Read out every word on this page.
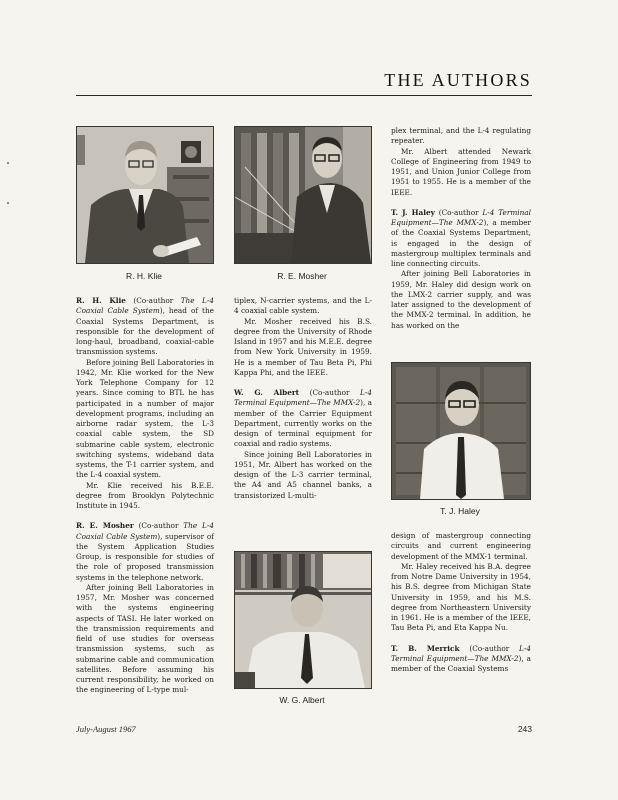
THE AUTHORS
R. H. Klie	R. E. Mosher

R. H. Klie (Co-author The L-4 Coaxial Cable System), head of the Coaxial Systems Department, is responsible for the development of long-haul, broadband, coaxial-cable transmission systems.

Before joining Bell Laboratories in 1942, Mr. Klie worked for the New York Telephone Company for 12 years. Since coming to BTL he has participated in a number of major development programs, including an airborne radar system, the L-3 coaxial cable system, the SD submarine cable system, electronic switching systems, wideband data systems, the T-1 carrier system, and the L-4 coaxial system.

Mr. Klie received his B.E.E. degree from Brooklyn Polytechnic Institute in 1945.

R. E. Mosher (Co-author The L-4 Coaxial Cable System), supervisor of the System Application Studies Group, is responsible for studies of the role of proposed transmission systems in the telephone network.

After joining Bell Laboratories in 1957, Mr. Mosher was concerned with the systems engineering aspects of TASI. He later worked on the transmission requirements and field of use studies for overseas transmission systems, such as submarine cable and communication satellites. Before assuming his current responsibility, he worked on the engineering of L-type mul-

tiplex, N-carrier systems, and the L-4 coaxial cable system.

Mr. Mosher received his B.S. degree from the University of Rhode Island in 1957 and his M.E.E. degree from New York University in 1959. He is a member of Tau Beta Pi, Phi Kappa Phi, and the IEEE.

W. G. Albert (Co-author L-4 Terminal Equipment—The MMX-2), a member of the Carrier Equipment Department, currently works on the design of terminal equipment for coaxial and radio systems.

Since joining Bell Laboratories in 1951, Mr. Albert has worked on the design of the L-3 carrier terminal, the A4 and A5 channel banks, a transistorized L-multi-

W. G. Albert

plex terminal, and the L-4 regulating repeater.

Mr. Albert attended Newark College of Engineering from 1949 to 1951, and Union Junior College from 1951 to 1955. He is a member of the IEEE.

T. J. Haley (Co-author L-4 Terminal Equipment—The MMX-2), a member of the Coaxial Systems Department, is engaged in the design of mastergroup multiplex terminals and line connecting circuits.

After joining Bell Laboratories in 1959, Mr. Haley did design work on the LMX-2 carrier supply, and was later assigned to the development of the MMX-2 terminal. In addition, he has worked on the

T. J. Haley

design of mastergroup connecting circuits and current engineering development of the MMX-1 terminal.

Mr. Haley received his B.A. degree from Notre Dame University in 1954, his B.S. degree from Michigan State University in 1959, and his M.S. degree from Northeastern University in 1961. He is a member of the IEEE, Tau Beta Pi, and Eta Kappa Nu.

T. B. Merrick (Co-author L-4 Terminal Equipment—The MMX-2), a member of the Coaxial Systems

July-August 1967	243
